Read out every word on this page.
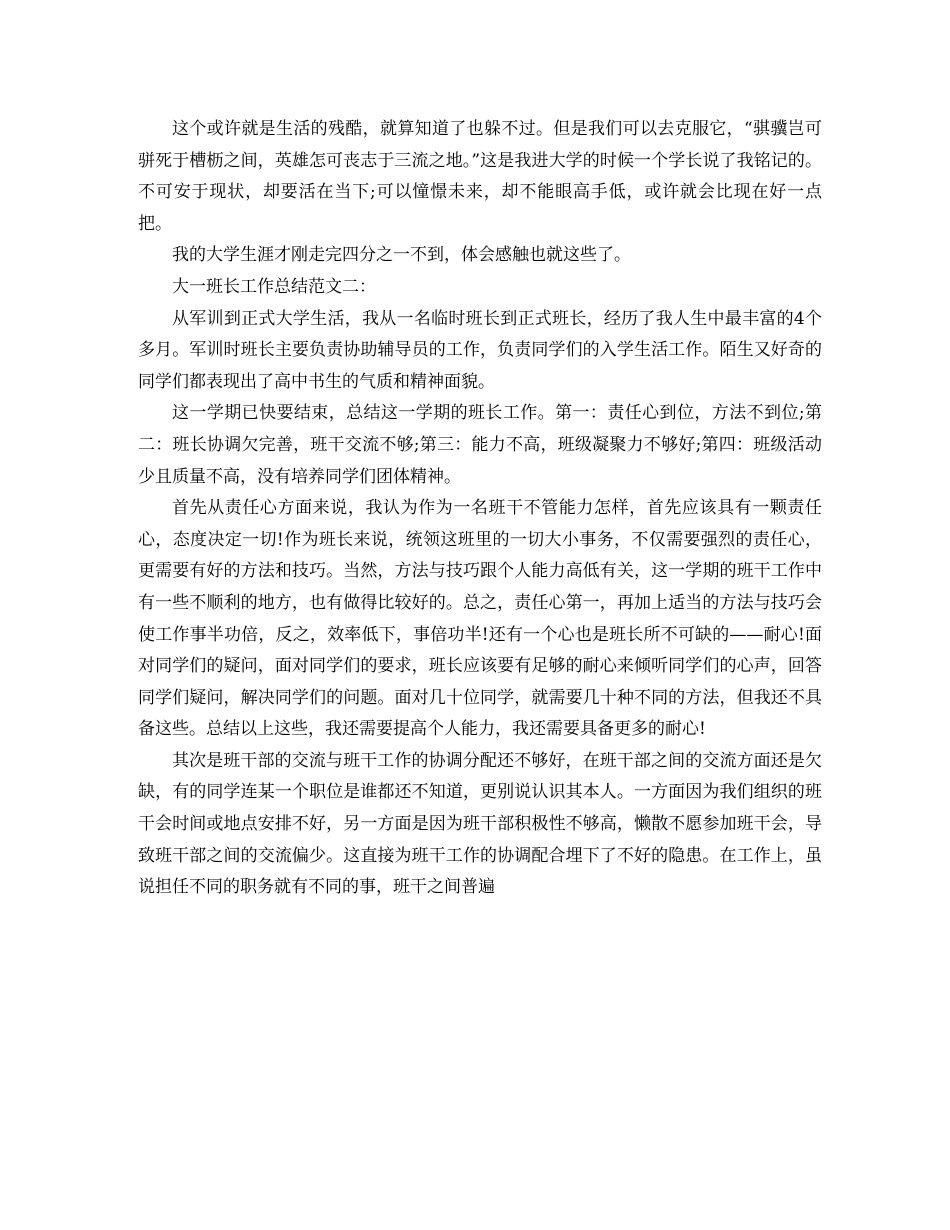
这个或许就是生活的残酷，就算知道了也躲不过。但是我们可以去克服它，“骐骥岂可骈死于槽枥之间，英雄怎可丧志于三流之地。”这是我进大学的时候一个学长说了我铭记的。不可安于现状，却要活在当下;可以憧憬未来，却不能眼高手低，或许就会比现在好一点把。

我的大学生涯才刚走完四分之一不到，体会感触也就这些了。

大一班长工作总结范文二：

从军训到正式大学生活，我从一名临时班长到正式班长，经历了我人生中最丰富的4个多月。军训时班长主要负责协助辅导员的工作，负责同学们的入学生活工作。陌生又好奇的同学们都表现出了高中书生的气质和精神面貌。

这一学期已快要结束，总结这一学期的班长工作。第一：责任心到位，方法不到位;第二：班长协调欠完善，班干交流不够;第三：能力不高，班级凝聚力不够好;第四：班级活动少且质量不高，没有培养同学们团体精神。

首先从责任心方面来说，我认为作为一名班干不管能力怎样，首先应该具有一颗责任心，态度决定一切!作为班长来说，统领这班里的一切大小事务，不仅需要强烈的责任心，更需要有好的方法和技巧。当然，方法与技巧跟个人能力高低有关，这一学期的班干工作中有一些不顺利的地方，也有做得比较好的。总之，责任心第一，再加上适当的方法与技巧会使工作事半功倍，反之，效率低下，事倍功半!还有一个心也是班长所不可缺的——耐心!面对同学们的疑问，面对同学们的要求，班长应该要有足够的耐心来倾听同学们的心声，回答同学们疑问，解决同学们的问题。面对几十位同学，就需要几十种不同的方法，但我还不具备这些。总结以上这些，我还需要提高个人能力，我还需要具备更多的耐心!

其次是班干部的交流与班干工作的协调分配还不够好，在班干部之间的交流方面还是欠缺，有的同学连某一个职位是谁都还不知道，更别说认识其本人。一方面因为我们组织的班干会时间或地点安排不好，另一方面是因为班干部积极性不够高，懒散不愿参加班干会，导致班干部之间的交流偏少。这直接为班干工作的协调配合埋下了不好的隐患。在工作上，虽说担任不同的职务就有不同的事，班干之间普遍
